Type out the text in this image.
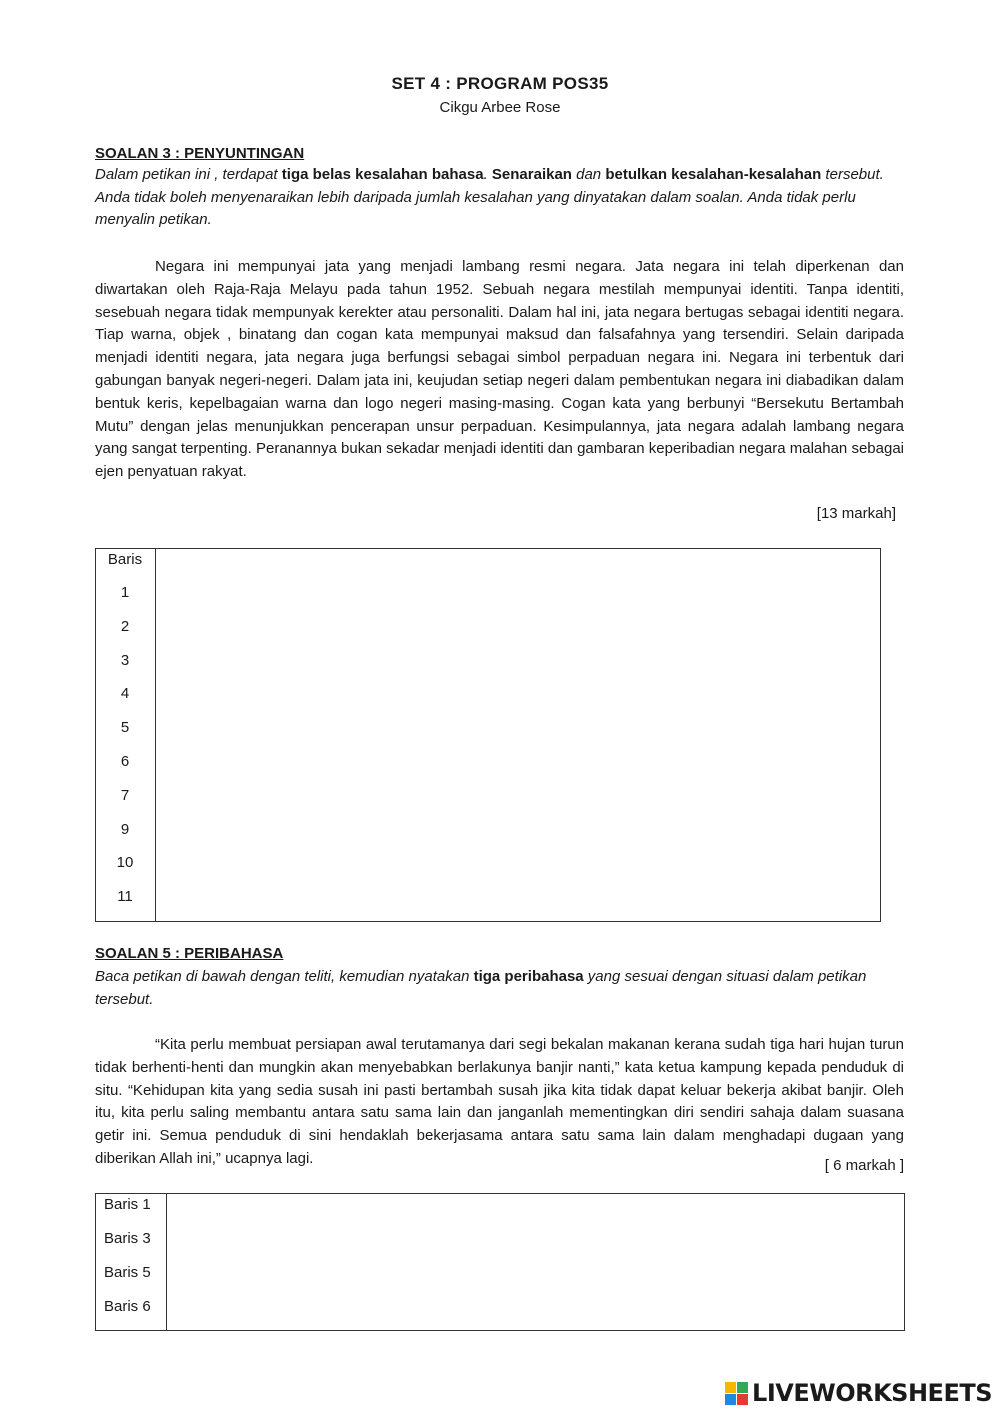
SET 4 : PROGRAM POS35
Cikgu Arbee Rose
SOALAN 3 : PENYUNTINGAN
Dalam petikan ini , terdapat tiga belas kesalahan bahasa. Senaraikan dan betulkan kesalahan-kesalahan tersebut. Anda tidak boleh menyenaraikan lebih daripada jumlah kesalahan yang dinyatakan dalam soalan. Anda tidak perlu menyalin petikan.
Negara ini mempunyai jata yang menjadi lambang resmi negara. Jata negara ini telah diperkenan dan diwartakan oleh Raja-Raja Melayu pada tahun 1952. Sebuah negara mestilah mempunyai identiti. Tanpa identiti, sesebuah negara tidak mempunyak kerekter atau personaliti. Dalam hal ini, jata negara bertugas sebagai identiti negara. Tiap warna, objek , binatang dan cogan kata mempunyai maksud dan falsafahnya yang tersendiri. Selain daripada menjadi identiti negara, jata negara juga berfungsi sebagai simbol perpaduan negara ini. Negara ini terbentuk dari gabungan banyak negeri-negeri. Dalam jata ini, keujudan setiap negeri dalam pembentukan negara ini diabadikan dalam bentuk keris, kepelbagaian warna dan logo negeri masing-masing. Cogan kata yang berbunyi “Bersekutu Bertambah Mutu” dengan jelas menunjukkan pencerapan unsur perpaduan. Kesimpulannya, jata negara adalah lambang negara yang sangat terpenting. Peranannya bukan sekadar menjadi identiti dan gambaran keperibadian negara malahan sebagai ejen penyatuan rakyat.
[13 markah]
Baris
1
2
3
4
5
6
7
9
10
11
SOALAN 5 : PERIBAHASA
Baca petikan di bawah dengan teliti, kemudian nyatakan tiga peribahasa yang sesuai dengan situasi dalam petikan tersebut.
“Kita perlu membuat persiapan awal terutamanya dari segi bekalan makanan kerana sudah tiga hari hujan turun tidak berhenti-henti dan mungkin akan menyebabkan berlakunya banjir nanti,” kata ketua kampung kepada penduduk di situ. “Kehidupan kita yang sedia susah ini pasti bertambah susah jika kita tidak dapat keluar bekerja akibat banjir. Oleh itu, kita perlu saling membantu antara satu sama lain dan janganlah mementingkan diri sendiri sahaja dalam suasana getir ini. Semua penduduk di sini hendaklah bekerjasama antara satu sama lain dalam menghadapi dugaan yang diberikan Allah ini,” ucapnya lagi.	[ 6 markah ]
Baris 1
Baris 3
Baris 5
Baris 6
LIVEWORKSHEETS
